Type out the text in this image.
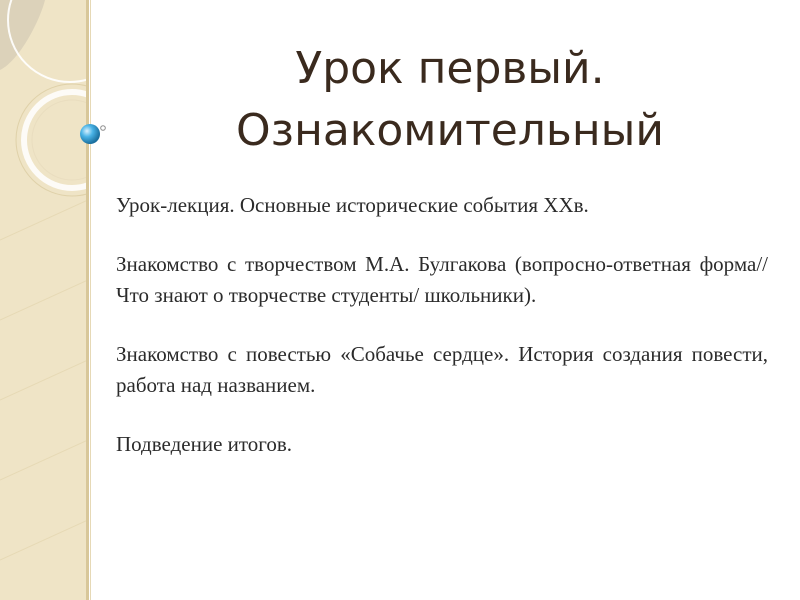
Урок первый.
Ознакомительный

Урок-лекция. Основные исторические события ХХв.

Знакомство с творчеством М.А. Булгакова (вопросно-ответная форма// Что знают о творчестве студенты/ школьники).

Знакомство с повестью «Собачье сердце». История создания повести, работа над названием.

Подведение итогов.
